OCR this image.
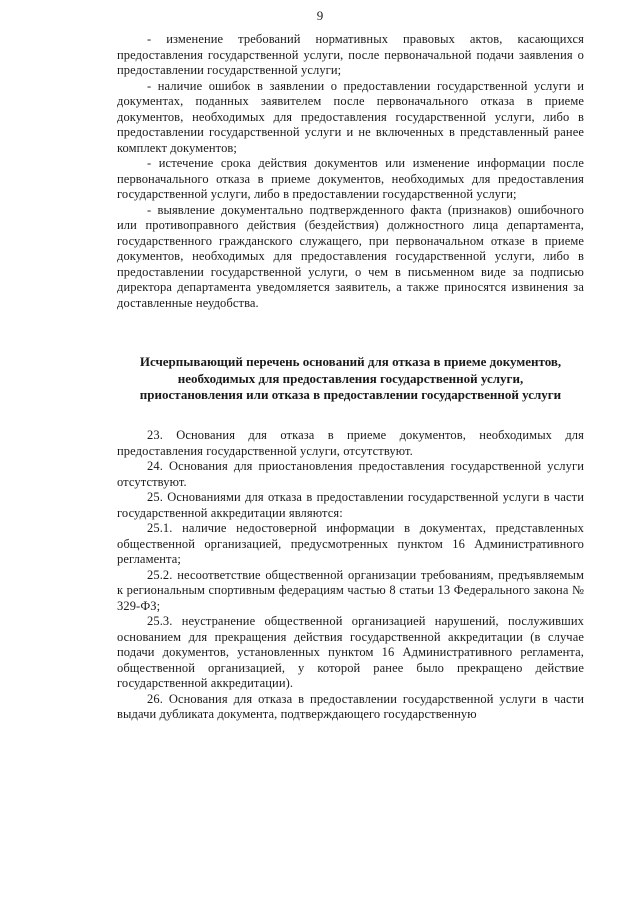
9

- изменение требований нормативных правовых актов, касающихся предоставления государственной услуги, после первоначальной подачи заявления о предоставлении государственной услуги;

- наличие ошибок в заявлении о предоставлении государственной услуги и документах, поданных заявителем после первоначального отказа в приеме документов, необходимых для предоставления государственной услуги, либо в предоставлении государственной услуги и не включенных в представленный ранее комплект документов;

- истечение срока действия документов или изменение информации после первоначального отказа в приеме документов, необходимых для предоставления государственной услуги, либо в предоставлении государственной услуги;

- выявление документально подтвержденного факта (признаков) ошибочного или противоправного действия (бездействия) должностного лица департамента, государственного гражданского служащего, при первоначальном отказе в приеме документов, необходимых для предоставления государственной услуги, либо в предоставлении государственной услуги, о чем в письменном виде за подписью директора департамента уведомляется заявитель, а также приносятся извинения за доставленные неудобства.

Исчерпывающий перечень оснований для отказа в приеме документов, необходимых для предоставления государственной услуги, приостановления или отказа в предоставлении государственной услуги

23. Основания для отказа в приеме документов, необходимых для предоставления государственной услуги, отсутствуют.

24. Основания для приостановления предоставления государственной услуги отсутствуют.

25. Основаниями для отказа в предоставлении государственной услуги в части государственной аккредитации являются:

25.1. наличие недостоверной информации в документах, представленных общественной организацией, предусмотренных пунктом 16 Административного регламента;

25.2. несоответствие общественной организации требованиям, предъявляемым к региональным спортивным федерациям частью 8 статьи 13 Федерального закона № 329-ФЗ;

25.3. неустранение общественной организацией нарушений, послуживших основанием для прекращения действия государственной аккредитации (в случае подачи документов, установленных пунктом 16 Административного регламента, общественной организацией, у которой ранее было прекращено действие государственной аккредитации).

26. Основания для отказа в предоставлении государственной услуги в части выдачи дубликата документа, подтверждающего государственную
